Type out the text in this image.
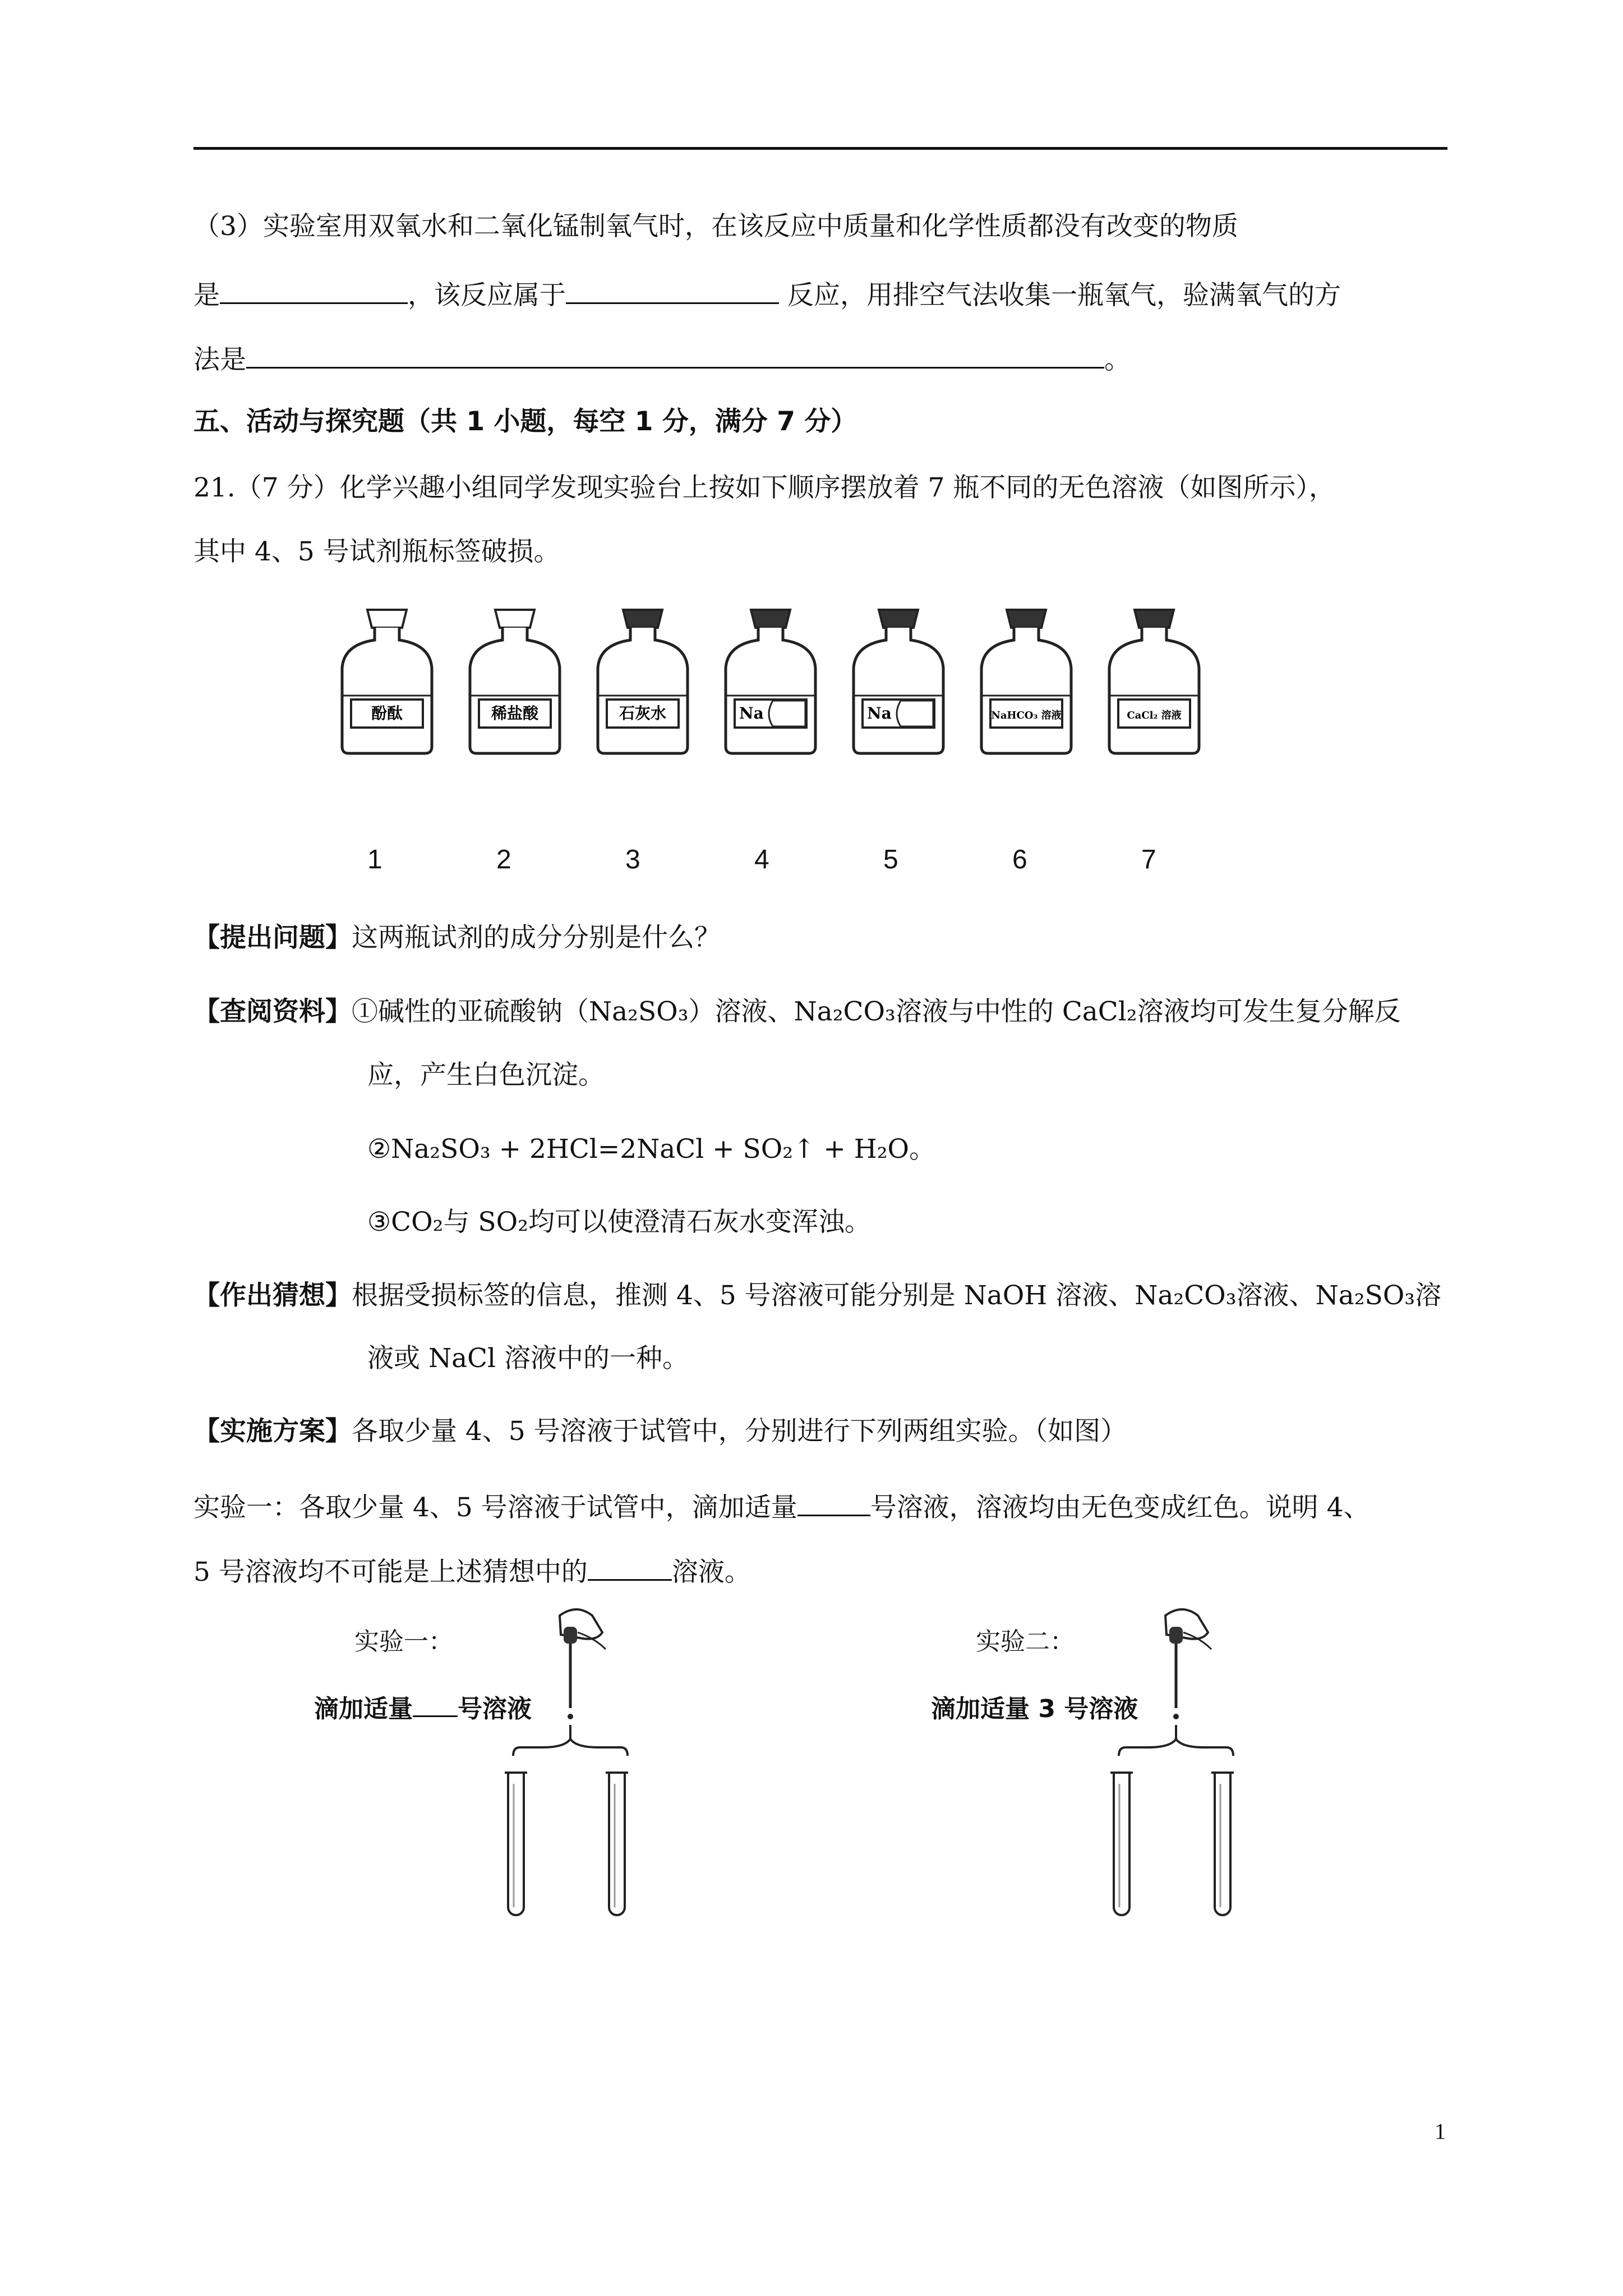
（3）实验室用双氧水和二氧化锰制氧气时，在该反应中质量和化学性质都没有改变的物质
是	，该反应属于	反应，用排空气法收集一瓶氧气，验满氧气的方
法是	。
五、活动与探究题（共 1 小题，每空 1 分，满分 7 分）
21.（7 分）化学兴趣小组同学发现实验台上按如下顺序摆放着 7 瓶不同的无色溶液（如图所示），
其中 4、5 号试剂瓶标签破损。
酚酞	稀盐酸	石灰水	Na	Na	NaHCO₃ 溶液	CaCl₂ 溶液
1	2	3	4	5	6	7
【提出问题】这两瓶试剂的成分分别是什么？
【查阅资料】①碱性的亚硫酸钠（Na₂SO₃）溶液、Na₂CO₃溶液与中性的 CaCl₂溶液均可发生复分解反
应，产生白色沉淀。
②Na₂SO₃ + 2HCl=2NaCl + SO₂↑ + H₂O。
③CO₂与 SO₂均可以使澄清石灰水变浑浊。
【作出猜想】根据受损标签的信息，推测 4、5 号溶液可能分别是 NaOH 溶液、Na₂CO₃溶液、Na₂SO₃溶
液或 NaCl 溶液中的一种。
【实施方案】各取少量 4、5 号溶液于试管中，分别进行下列两组实验。（如图）
实验一：各取少量 4、5 号溶液于试管中，滴加适量	号溶液，溶液均由无色变成红色。说明 4、
5 号溶液均不可能是上述猜想中的	溶液。
实验一：
滴加适量 号溶液
实验二：
滴加适量 3 号溶液
1
